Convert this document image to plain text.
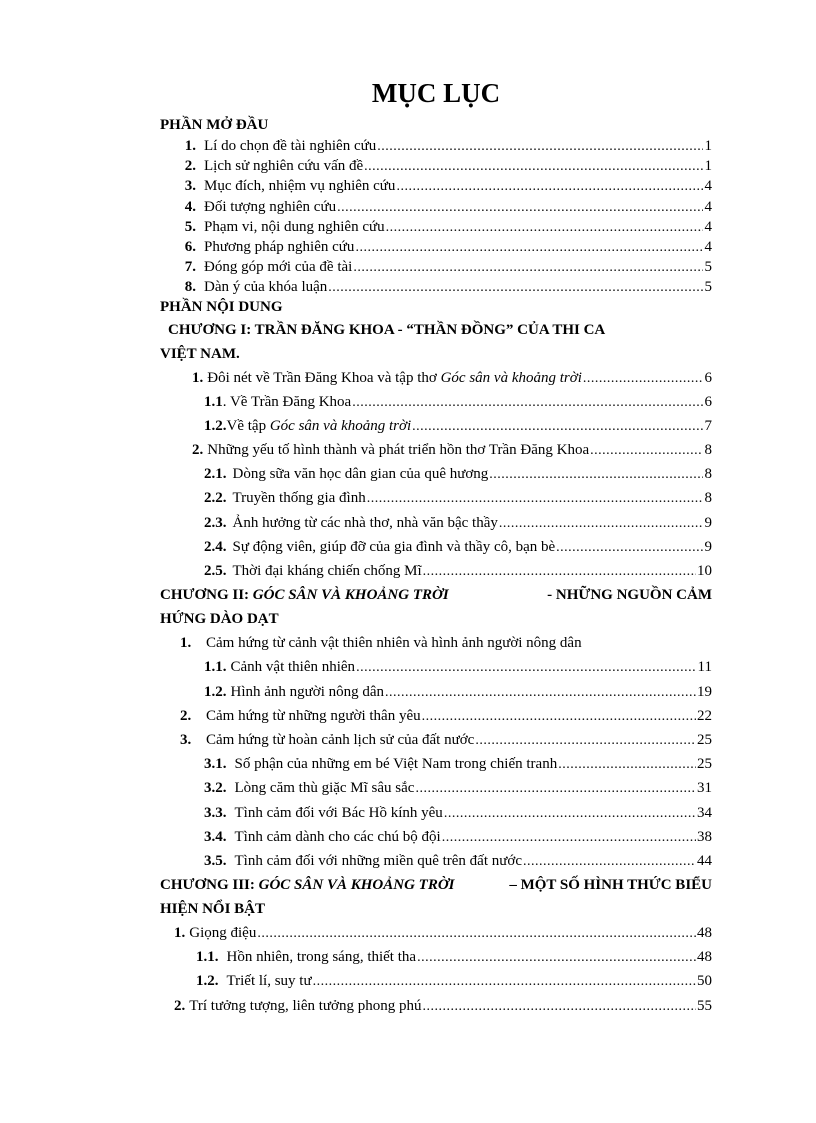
MỤC LỤC
PHẦN MỞ ĐẦU
1. Lí do chọn đề tài nghiên cứu .....	1
2. Lịch sử nghiên cứu vấn đề .....	1
3. Mục đích, nhiệm vụ nghiên cứu .....	4
4. Đối tượng nghiên cứu .....	4
5. Phạm vi, nội dung nghiên cứu .....	4
6. Phương pháp nghiên cứu .....	4
7. Đóng góp mới của đề tài .....	5
8. Dàn ý của khóa luận .....	5
PHẦN NỘI DUNG
CHƯƠNG I: TRẦN ĐĂNG KHOA - “THẦN ĐỒNG” CỦA THI CA
VIỆT NAM.
1. Đôi nét về Trần Đăng Khoa và tập thơ Góc sân và khoảng trời .....	6
1.1 . Về Trần Đăng Khoa .....	6
1.2. Về tập Góc sân và khoảng trời .....	7
2. Những yếu tố hình thành và phát triển hồn thơ Trần Đăng Khoa .....	8
2.1. Dòng sữa văn học dân gian của quê hương .....	8
2.2. Truyền thống gia đình .....	8
2.3. Ảnh hưởng từ các nhà thơ, nhà văn bậc thầy .....	9
2.4. Sự động viên, giúp đỡ của gia đình và thầy cô, bạn bè .....	9
2.5. Thời đại kháng chiến chống Mĩ .....	10
CHƯƠNG II: GÓC SÂN VÀ KHOẢNG TRỜI	- NHỮNG NGUỒN CẢM
HỨNG DÀO DẠT
1. Cảm hứng từ cảnh vật thiên nhiên và hình ảnh người nông dân
1.1. Cảnh vật thiên nhiên .....	11
1.2. Hình ảnh người nông dân .....	19
2. Cảm hứng từ những người thân yêu .....	22
3. Cảm hứng từ hoàn cảnh lịch sử của đất nước .....	25
3.1. Số phận của những em bé Việt Nam trong chiến tranh .....	25
3.2. Lòng căm thù giặc Mĩ sâu sắc .....	31
3.3. Tình cảm đối với Bác Hồ kính yêu .....	34
3.4. Tình cảm dành cho các chú bộ đội .....	38
3.5. Tình cảm đối với những miền quê trên đất nước .....	44
CHƯƠNG III: GÓC SÂN VÀ KHOẢNG TRỜI	– MỘT SỐ HÌNH THỨC BIỂU
HIỆN NỔI BẬT
1. Giọng điệu .....	48
1.1. Hồn nhiên, trong sáng, thiết tha .....	48
1.2. Triết lí, suy tư .....	50
2. Trí tưởng tượng, liên tưởng phong phú .....	55
